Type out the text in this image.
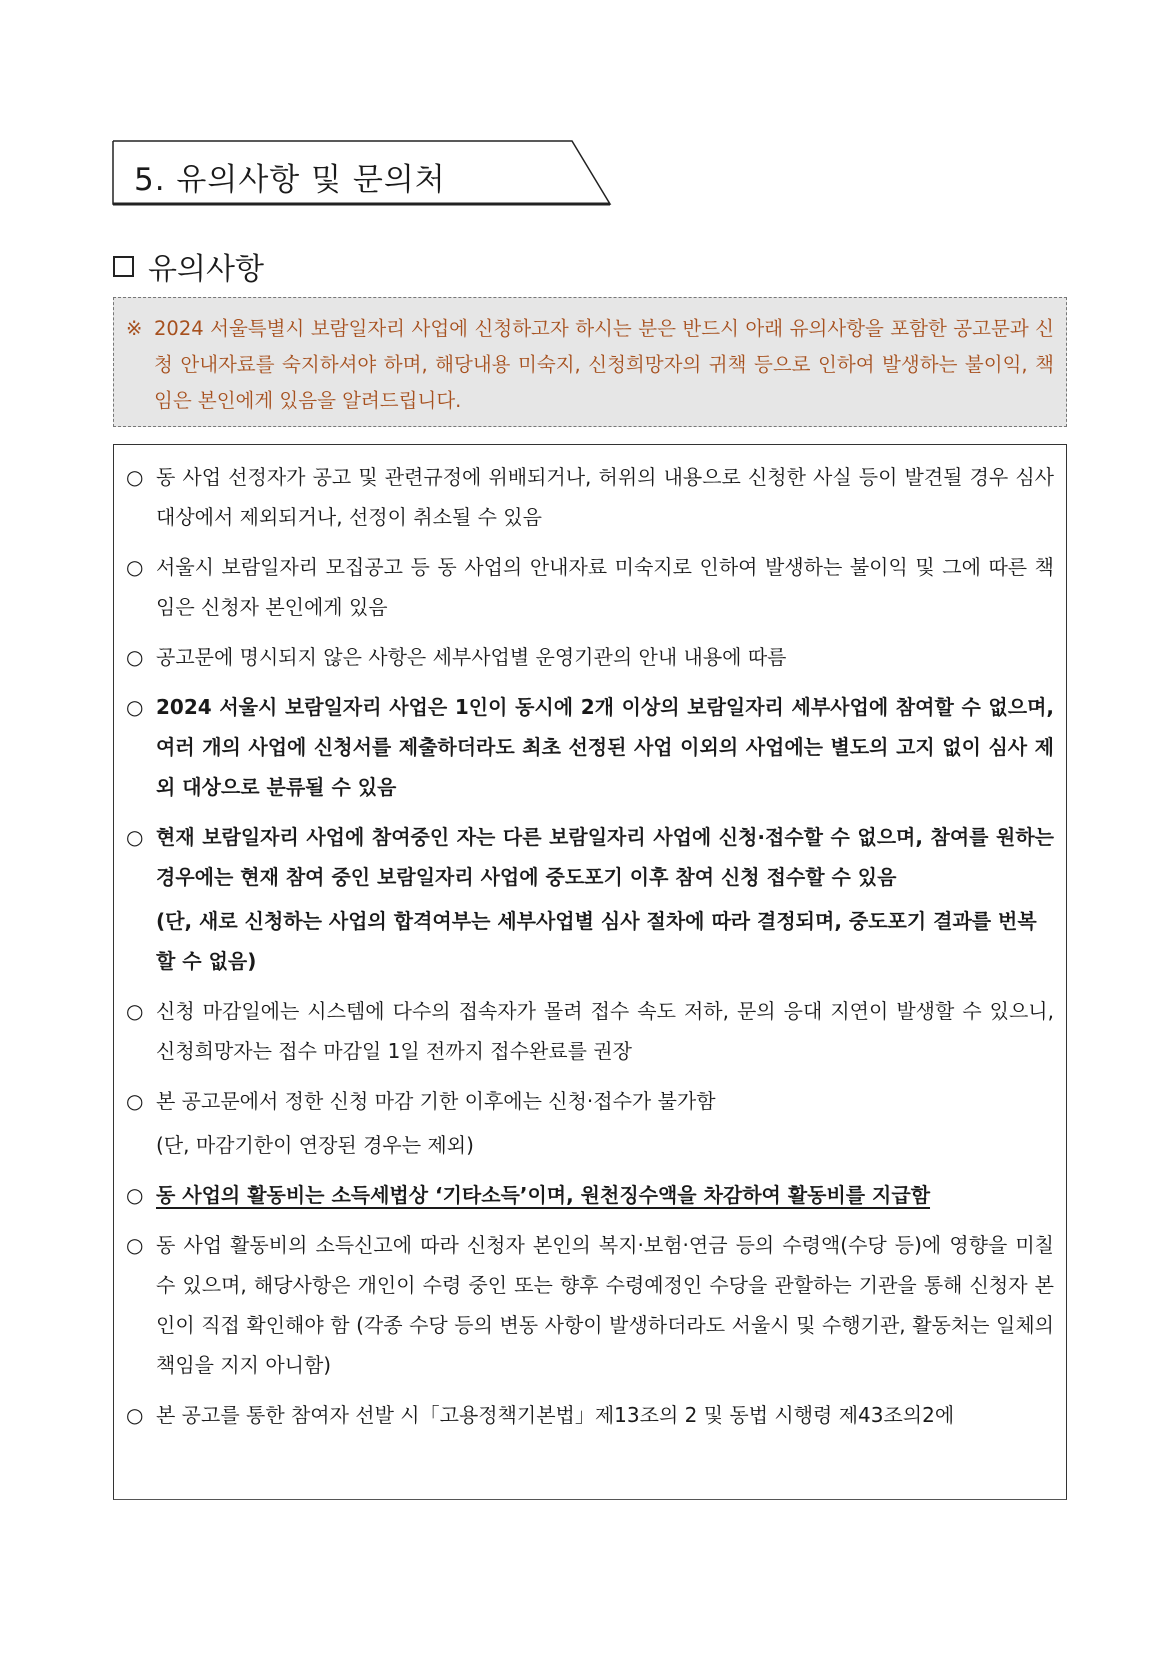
5. 유의사항 및 문의처
유의사항
※ 2024 서울특별시 보람일자리 사업에 신청하고자 하시는 분은 반드시 아래 유의사항을 포함한 공고문과 신청 안내자료를 숙지하셔야 하며, 해당내용 미숙지, 신청희망자의 귀책 등으로 인하여 발생하는 불이익, 책임은 본인에게 있음을 알려드립니다.
○ 동 사업 선정자가 공고 및 관련규정에 위배되거나, 허위의 내용으로 신청한 사실 등이 발견될 경우 심사대상에서 제외되거나, 선정이 취소될 수 있음
○ 서울시 보람일자리 모집공고 등 동 사업의 안내자료 미숙지로 인하여 발생하는 불이익 및 그에 따른 책임은 신청자 본인에게 있음
○ 공고문에 명시되지 않은 사항은 세부사업별 운영기관의 안내 내용에 따름
○ 2024 서울시 보람일자리 사업은 1인이 동시에 2개 이상의 보람일자리 세부사업에 참여할 수 없으며, 여러 개의 사업에 신청서를 제출하더라도 최초 선정된 사업 이외의 사업에는 별도의 고지 없이 심사 제외 대상으로 분류될 수 있음
○ 현재 보람일자리 사업에 참여중인 자는 다른 보람일자리 사업에 신청·접수할 수 없으며, 참여를 원하는 경우에는 현재 참여 중인 보람일자리 사업에 중도포기 이후 참여 신청 접수할 수 있음
(단, 새로 신청하는 사업의 합격여부는 세부사업별 심사 절차에 따라 결정되며, 중도포기 결과를 번복할 수 없음)
○ 신청 마감일에는 시스템에 다수의 접속자가 몰려 접수 속도 저하, 문의 응대 지연이 발생할 수 있으니, 신청희망자는 접수 마감일 1일 전까지 접수완료를 권장
○ 본 공고문에서 정한 신청 마감 기한 이후에는 신청·접수가 불가함
(단, 마감기한이 연장된 경우는 제외)
○ 동 사업의 활동비는 소득세법상 ‘기타소득’이며, 원천징수액을 차감하여 활동비를 지급함
○ 동 사업 활동비의 소득신고에 따라 신청자 본인의 복지·보험·연금 등의 수령액(수당 등)에 영향을 미칠 수 있으며, 해당사항은 개인이 수령 중인 또는 향후 수령예정인 수당을 관할하는 기관을 통해 신청자 본인이 직접 확인해야 함 (각종 수당 등의 변동 사항이 발생하더라도 서울시 및 수행기관, 활동처는 일체의 책임을 지지 아니함)
○ 본 공고를 통한 참여자 선발 시「고용정책기본법」제13조의 2 및 동법 시행령 제43조의2에
